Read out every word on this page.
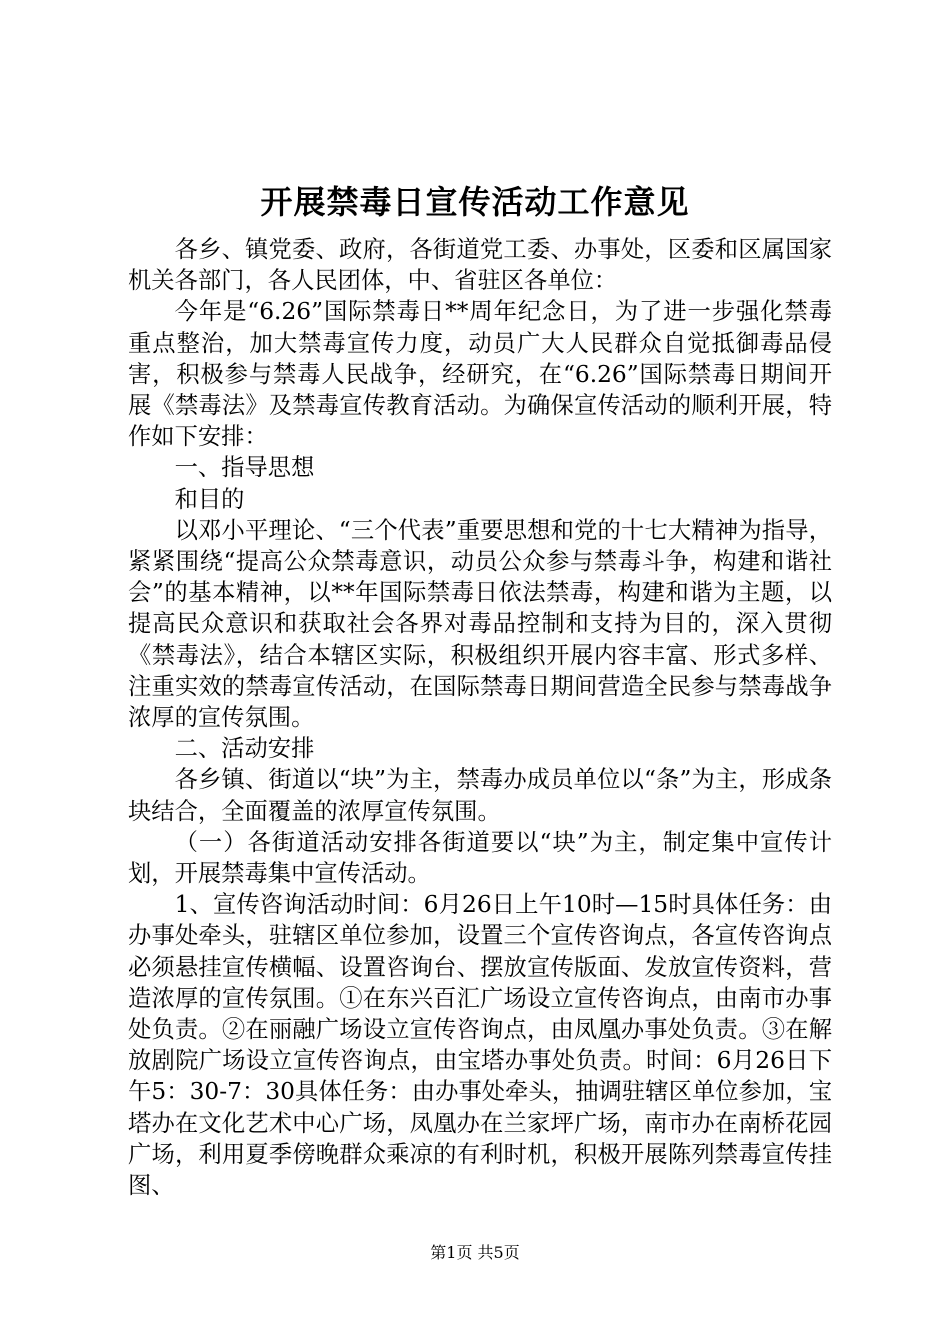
开展禁毒日宣传活动工作意见

各乡、镇党委、政府，各街道党工委、办事处，区委和区属国家机关各部门，各人民团体，中、省驻区各单位：

今年是“6.26”国际禁毒日**周年纪念日，为了进一步强化禁毒重点整治，加大禁毒宣传力度，动员广大人民群众自觉抵御毒品侵害，积极参与禁毒人民战争，经研究，在“6.26”国际禁毒日期间开展《禁毒法》及禁毒宣传教育活动。为确保宣传活动的顺利开展，特作如下安排：

一、指导思想

和目的

以邓小平理论、“三个代表”重要思想和党的十七大精神为指导，紧紧围绕“提高公众禁毒意识，动员公众参与禁毒斗争，构建和谐社会”的基本精神，以**年国际禁毒日依法禁毒，构建和谐为主题，以提高民众意识和获取社会各界对毒品控制和支持为目的，深入贯彻《禁毒法》，结合本辖区实际，积极组织开展内容丰富、形式多样、注重实效的禁毒宣传活动，在国际禁毒日期间营造全民参与禁毒战争浓厚的宣传氛围。

二、活动安排

各乡镇、街道以“块”为主，禁毒办成员单位以“条”为主，形成条块结合，全面覆盖的浓厚宣传氛围。

（一）各街道活动安排各街道要以“块”为主，制定集中宣传计划，开展禁毒集中宣传活动。

1、宣传咨询活动时间：6月26日上午10时—15时具体任务：由办事处牵头，驻辖区单位参加，设置三个宣传咨询点，各宣传咨询点必须悬挂宣传横幅、设置咨询台、摆放宣传版面、发放宣传资料，营造浓厚的宣传氛围。①在东兴百汇广场设立宣传咨询点，由南市办事处负责。②在丽融广场设立宣传咨询点，由凤凰办事处负责。③在解放剧院广场设立宣传咨询点，由宝塔办事处负责。时间：6月26日下午5：30-7：30具体任务：由办事处牵头，抽调驻辖区单位参加，宝塔办在文化艺术中心广场，凤凰办在兰家坪广场，南市办在南桥花园广场，利用夏季傍晚群众乘凉的有利时机，积极开展陈列禁毒宣传挂图、

第1页 共5页
